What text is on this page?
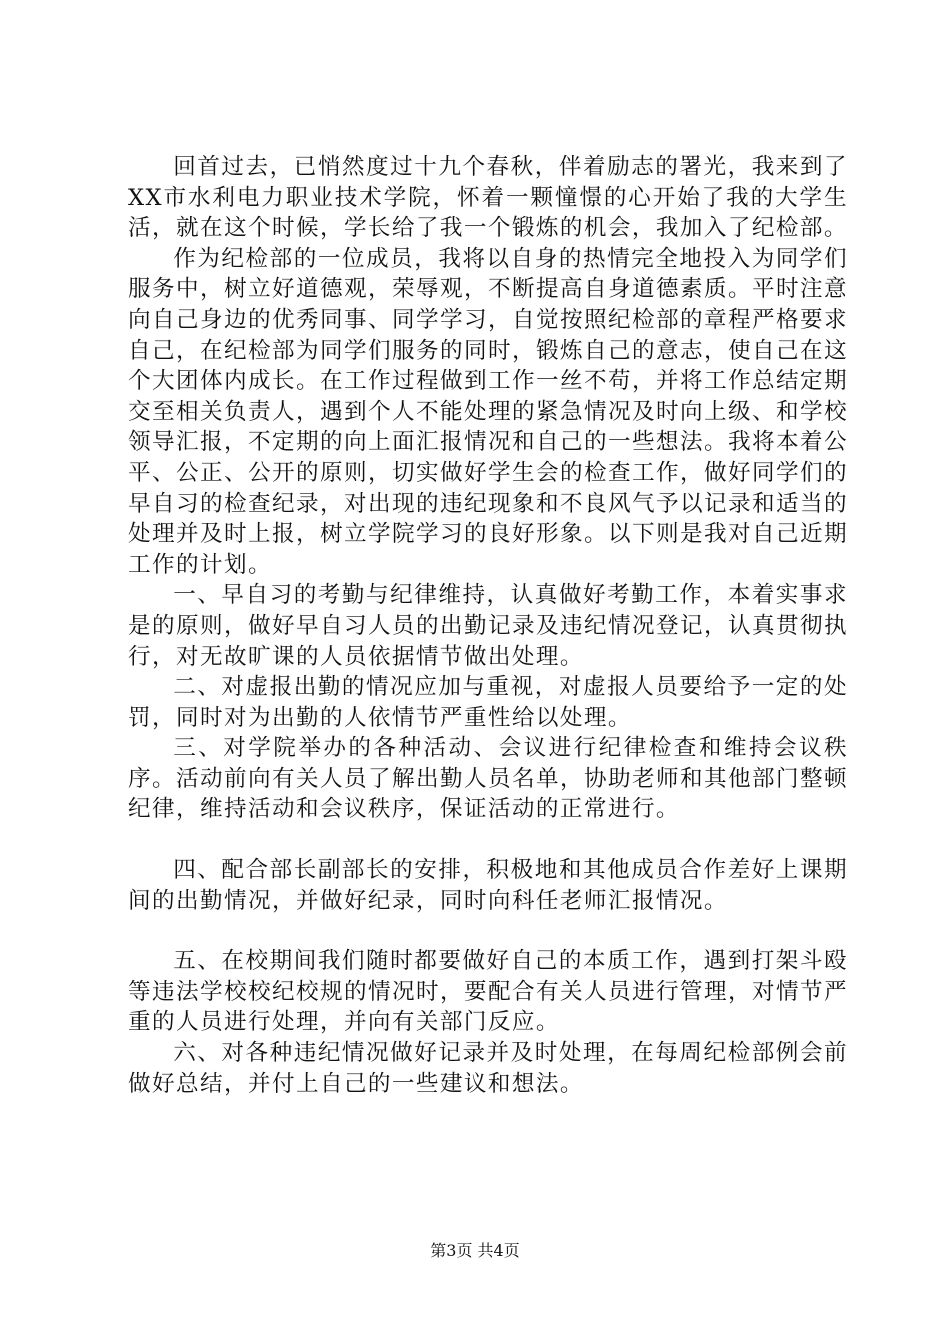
回首过去，已悄然度过十九个春秋，伴着励志的署光，我来到了XX市水利电力职业技术学院，怀着一颗憧憬的心开始了我的大学生活，就在这个时候，学长给了我一个锻炼的机会，我加入了纪检部。

作为纪检部的一位成员，我将以自身的热情完全地投入为同学们服务中，树立好道德观，荣辱观，不断提高自身道德素质。平时注意向自己身边的优秀同事、同学学习，自觉按照纪检部的章程严格要求自己，在纪检部为同学们服务的同时，锻炼自己的意志，使自己在这个大团体内成长。在工作过程做到工作一丝不苟，并将工作总结定期交至相关负责人，遇到个人不能处理的紧急情况及时向上级、和学校领导汇报，不定期的向上面汇报情况和自己的一些想法。我将本着公平、公正、公开的原则，切实做好学生会的检查工作，做好同学们的早自习的检查纪录，对出现的违纪现象和不良风气予以记录和适当的处理并及时上报，树立学院学习的良好形象。以下则是我对自己近期工作的计划。

一、早自习的考勤与纪律维持，认真做好考勤工作，本着实事求是的原则，做好早自习人员的出勤记录及违纪情况登记，认真贯彻执行，对无故旷课的人员依据情节做出处理。

二、对虚报出勤的情况应加与重视，对虚报人员要给予一定的处罚，同时对为出勤的人依情节严重性给以处理。

三、对学院举办的各种活动、会议进行纪律检查和维持会议秩序。活动前向有关人员了解出勤人员名单，协助老师和其他部门整顿纪律，维持活动和会议秩序，保证活动的正常进行。

四、配合部长副部长的安排，积极地和其他成员合作差好上课期间的出勤情况，并做好纪录，同时向科任老师汇报情况。

五、在校期间我们随时都要做好自己的本质工作，遇到打架斗殴等违法学校校纪校规的情况时，要配合有关人员进行管理，对情节严重的人员进行处理，并向有关部门反应。

六、对各种违纪情况做好记录并及时处理，在每周纪检部例会前做好总结，并付上自己的一些建议和想法。

第3页 共4页
